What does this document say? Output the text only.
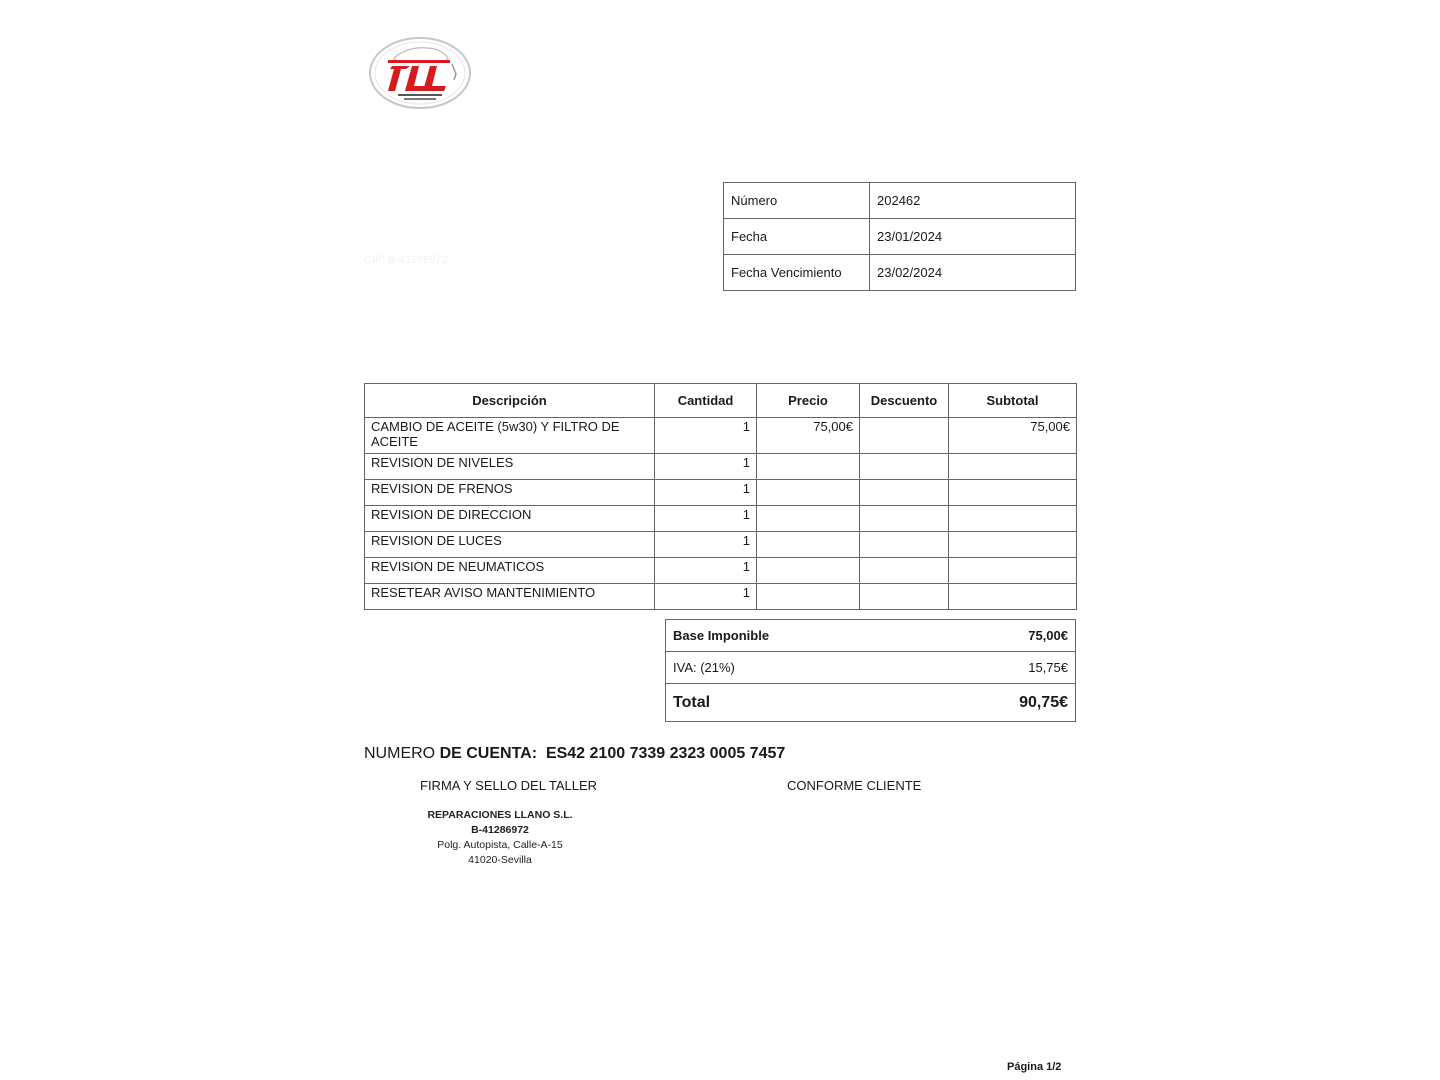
CIF: B-41286972
Número	202462
Fecha	23/01/2024
Fecha Vencimiento	23/02/2024
Descripción	Cantidad	Precio	Descuento	Subtotal
CAMBIO DE ACEITE (5w30) Y FILTRO DE ACEITE	1	75,00€		75,00€
REVISION DE NIVELES	1			
REVISION DE FRENOS	1			
REVISION DE DIRECCION	1			
REVISION DE LUCES	1			
REVISION DE NEUMATICOS	1			
RESETEAR AVISO MANTENIMIENTO	1			
Base Imponible	75,00€
IVA: (21%)	15,75€
Total	90,75€
NUMERO DE CUENTA: ES42 2100 7339 2323 0005 7457
FIRMA Y SELLO DEL TALLER	CONFORME CLIENTE
REPARACIONES LLANO S.L.
B-41286972
Polg. Autopista, Calle-A-15
41020-Sevilla
Página 1/2
